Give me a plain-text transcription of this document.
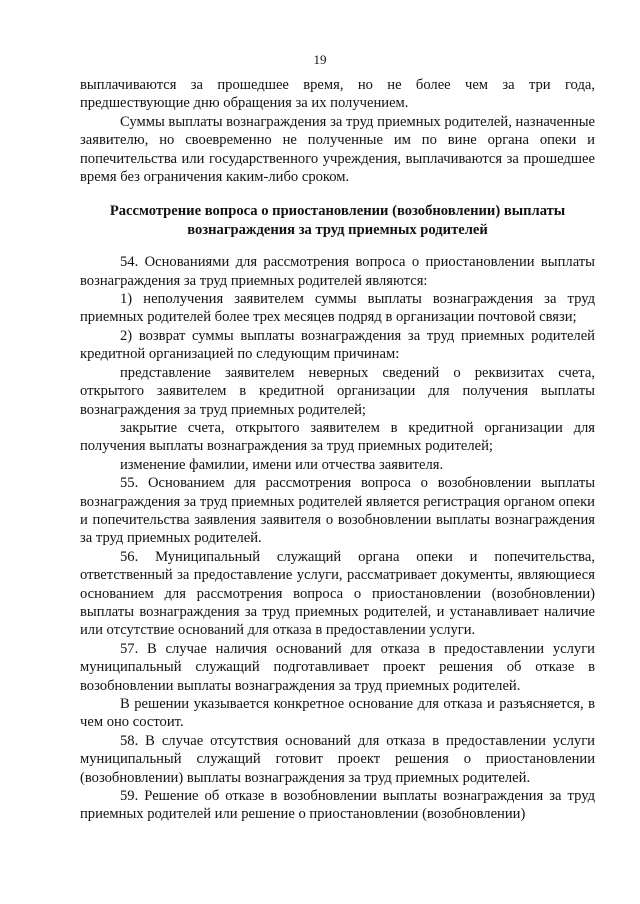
19

выплачиваются за прошедшее время, но не более чем за три года, предшествующие дню обращения за их получением.

Суммы выплаты вознаграждения за труд приемных родителей, назначенные заявителю, но своевременно не полученные им по вине органа опеки и попечительства или государственного учреждения, выплачиваются за прошедшее время без ограничения каким-либо сроком.

Рассмотрение вопроса о приостановлении (возобновлении) выплаты вознаграждения за труд приемных родителей

54. Основаниями для рассмотрения вопроса о приостановлении выплаты вознаграждения за труд приемных родителей являются:

1) неполучения заявителем суммы выплаты вознаграждения за труд приемных родителей более трех месяцев подряд в организации почтовой связи;

2) возврат суммы выплаты вознаграждения за труд приемных родителей кредитной организацией по следующим причинам:

представление заявителем неверных сведений о реквизитах счета, открытого заявителем в кредитной организации для получения выплаты вознаграждения за труд приемных родителей;

закрытие счета, открытого заявителем в кредитной организации для получения выплаты вознаграждения за труд приемных родителей;

изменение фамилии, имени или отчества заявителя.

55. Основанием для рассмотрения вопроса о возобновлении выплаты вознаграждения за труд приемных родителей является регистрация органом опеки и попечительства заявления заявителя о возобновлении выплаты вознаграждения за труд приемных родителей.

56. Муниципальный служащий органа опеки и попечительства, ответственный за предоставление услуги, рассматривает документы, являющиеся основанием для рассмотрения вопроса о приостановлении (возобновлении) выплаты вознаграждения за труд приемных родителей, и устанавливает наличие или отсутствие оснований для отказа в предоставлении услуги.

57. В случае наличия оснований для отказа в предоставлении услуги муниципальный служащий подготавливает проект решения об отказе в возобновлении выплаты вознаграждения за труд приемных родителей.

В решении указывается конкретное основание для отказа и разъясняется, в чем оно состоит.

58. В случае отсутствия оснований для отказа в предоставлении услуги муниципальный служащий готовит проект решения о приостановлении (возобновлении) выплаты вознаграждения за труд приемных родителей.

59. Решение об отказе в возобновлении выплаты вознаграждения за труд приемных родителей или решение о приостановлении (возобновлении)
